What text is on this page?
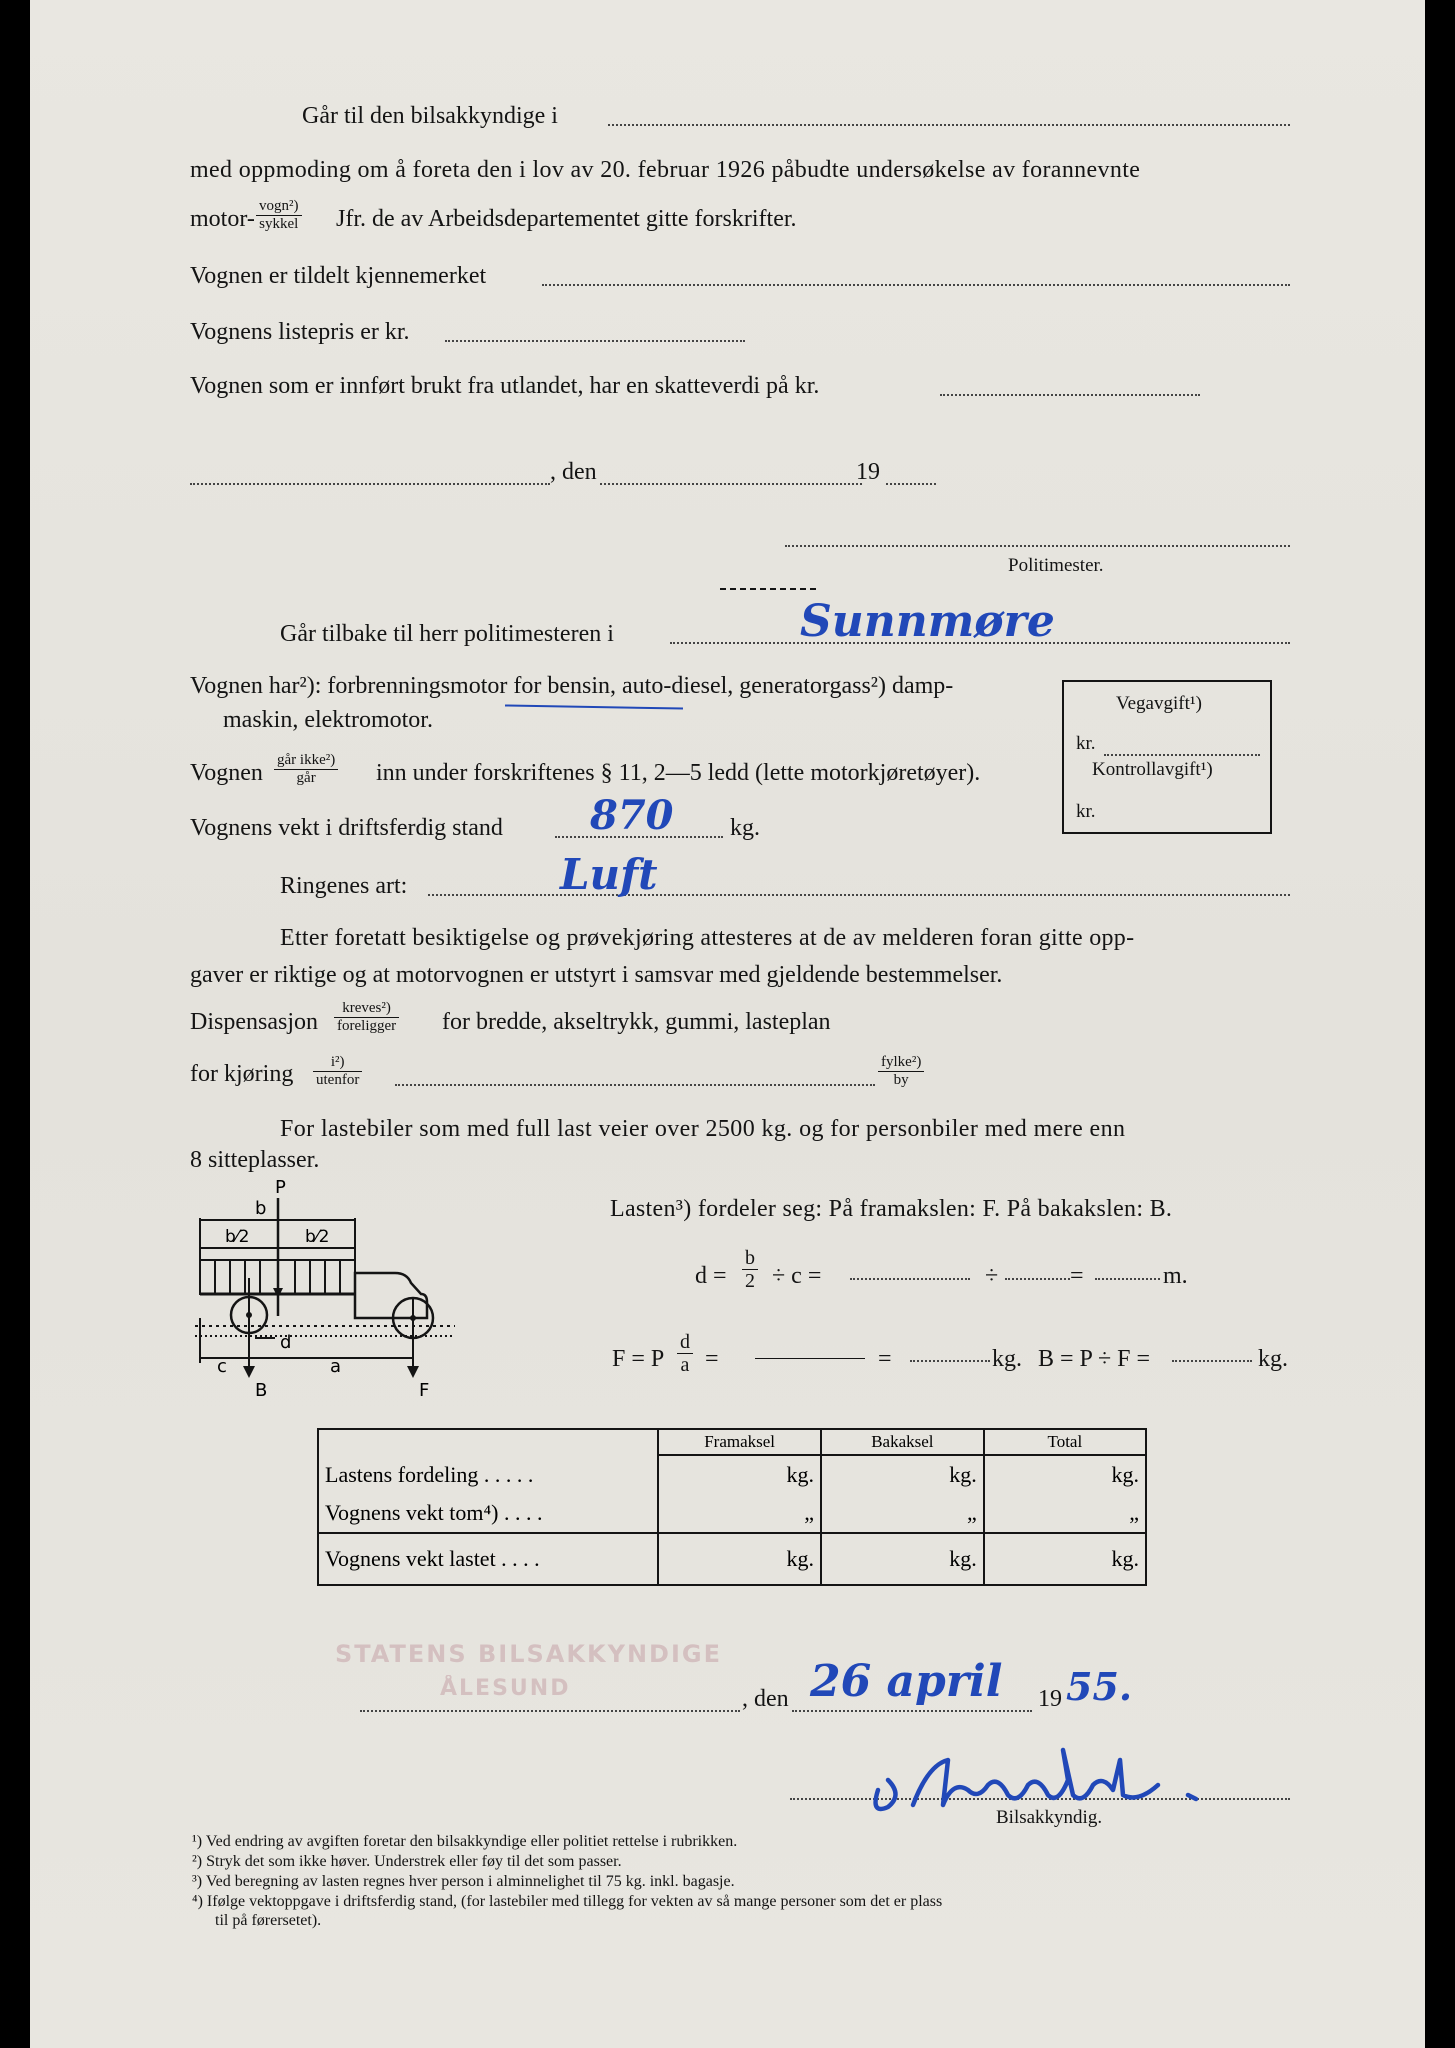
Går til den bilsakkyndige i
med oppmoding om å foreta den i lov av 20. februar 1926 påbudte undersøkelse av forannevnte
motor- vogn²)
sykkel Jfr. de av Arbeidsdepartementet gitte forskrifter.
Vognen er tildelt kjennemerket
Vognens listepris er kr.
Vognen som er innført brukt fra utlandet, har en skatteverdi på kr.
, den	19
Politimester.
Går tilbake til herr politimesteren i	Sunnmøre
Vognen har²): forbrenningsmotor for bensin, auto-diesel, generatorgass²) damp-
maskin, elektromotor.
Vognen går ikke²)
går	inn under forskriftenes § 11, 2—5 ledd (lette motorkjøretøyer).
Vognens vekt i driftsferdig stand 870 kg.
Ringenes art:	Luft
Vegavgift¹)
kr.
Kontrollavgift¹)
kr.
Etter foretatt besiktigelse og prøvekjøring attesteres at de av melderen foran gitte opp-
gaver er riktige og at motorvognen er utstyrt i samsvar med gjeldende bestemmelser.
Dispensasjon
kreves²)
foreligger for bredde, akseltrykk, gummi, lasteplan
for kjøring	i²)
utenfor
fylke²)
by
For lastebiler som med full last veier over 2500 kg. og for personbiler med mere enn
8 sitteplasser.
P
b
b⁄2	b⁄2
c
d
a
B	F
Lasten³) fordeler seg: På framakslen: F. På bakakslen: B.
$d = \frac{b}{2} \div c$ =	÷	=	m.
F = P $\frac{d}{a}$ =	=	kg. B = P ÷ F =	kg.
	Framaksel	Bakaksel	Total
Lastens fordeling . . . . .	kg.	kg.	kg.
Vognens vekt tom⁴) . . . .	„	„	„
Vognens vekt lastet . . . .	kg.	kg.	kg.
STATENS BILSAKKYNDIGE
ÅLESUND	, den 26 april 19 55.
Bilsakkyndig.
¹) Ved endring av avgiften foretar den bilsakkyndige eller politiet rettelse i rubrikken.
²) Stryk det som ikke høver. Understrek eller føy til det som passer.
³) Ved beregning av lasten regnes hver person i alminnelighet til 75 kg. inkl. bagasje.
⁴) Ifølge vektoppgave i driftsferdig stand, (for lastebiler med tillegg for vekten av så mange personer som det er plass
til på førersetet).
